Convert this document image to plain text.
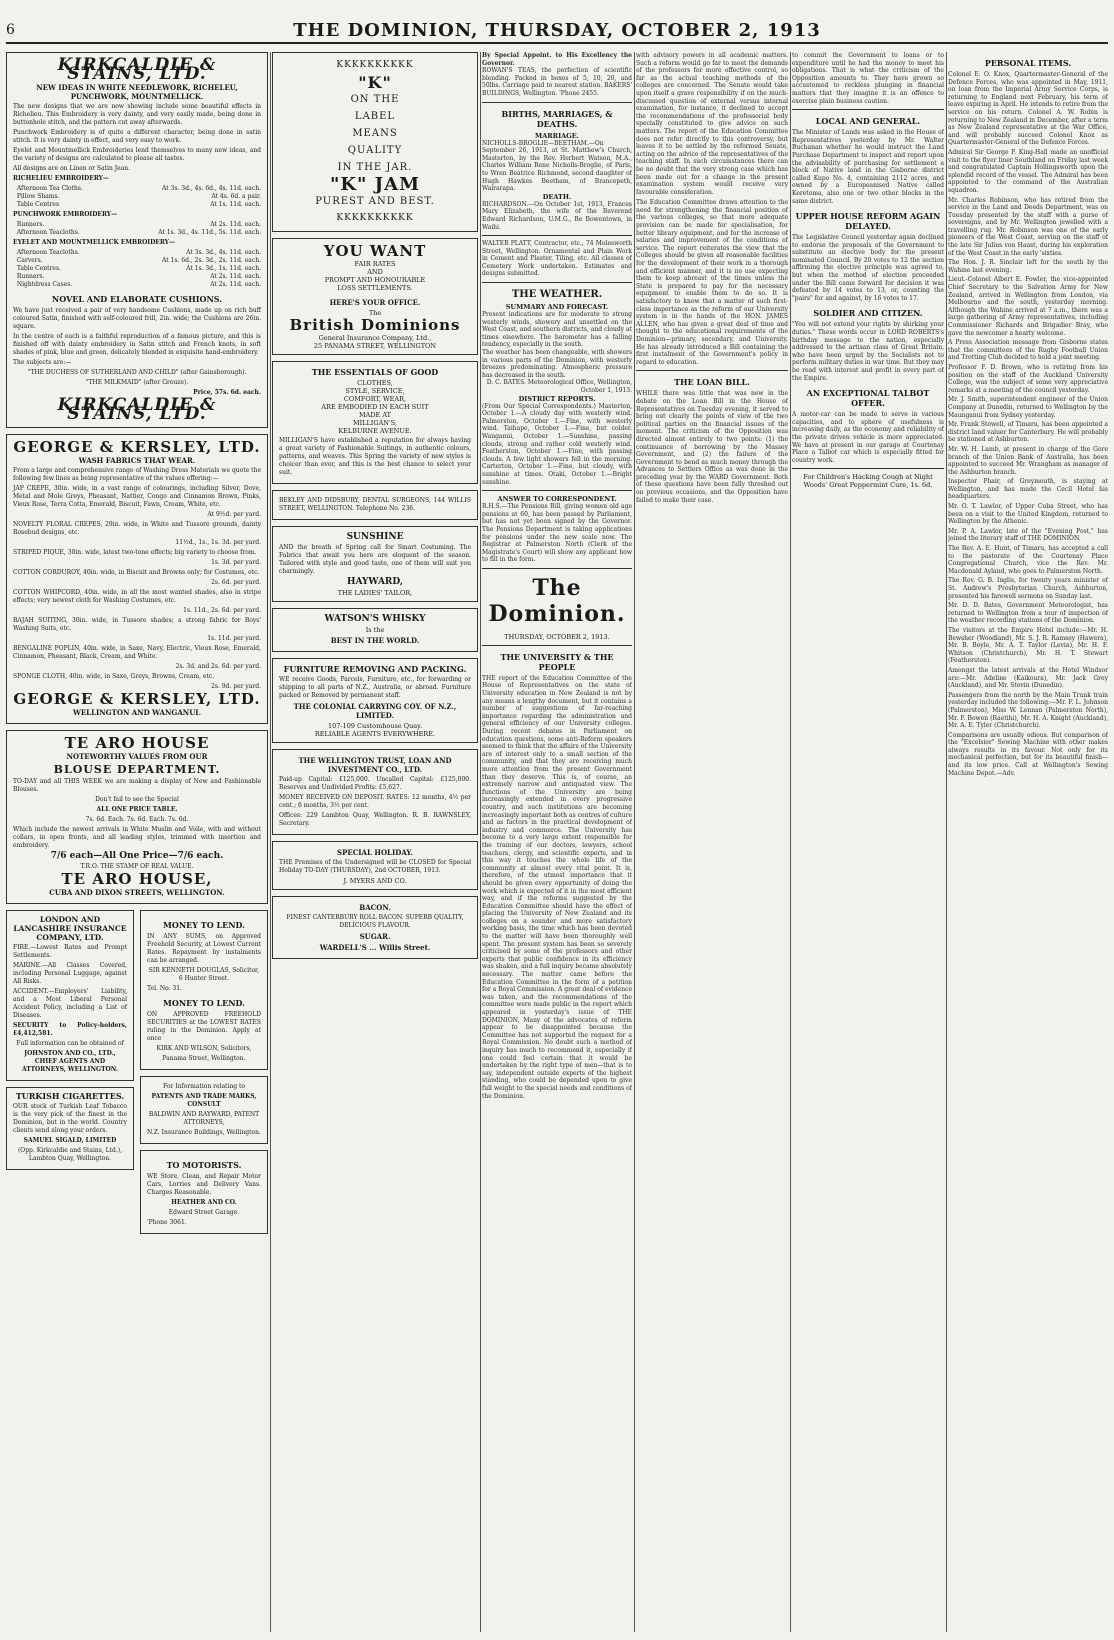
6	THE DOMINION, THURSDAY, OCTOBER 2, 1913
KIRKCALDIE & STAINS, LTD.
NEW IDEAS IN WHITE NEEDLEWORK, RICHELEU, PUNCHWORK, MOUNTMELLICK.
The new designs that we are now showing include some beautiful effects in Richelieu. This Embroidery is very dainty, and very easily made, being done in buttonhole stitch, and the pattern cut away afterwards.
Punchwork Embroidery is of quite a different character, being done in satin stitch. It is very dainty in effect, and very easy to work.
Eyelet and Mountmellick Embroideries lend themselves to many new ideas, and the variety of designs are calculated to please all tastes.
All designs are on Linen or Satin Jean.
RICHELIEU EMBROIDERY—
Afternoon Tea Cloths.	At 3s. 3d., 4s. 6d., 4s. 11d. each.
Pillow Shams.	At 4s. 6d. a pair.
Table Centres	At 1s. 11d. each.
PUNCHWORK EMBROIDERY—
Runners.	At 2s. 11d. each.
Afternoon Teacloths.	At 1s. 3d., 4s. 11d., 5s. 11d. each.
EYELET AND MOUNTMELLICK EMBROIDERY—
Afternoon Teacloths.	At 3s. 3d., 4s. 11d. each.
Carvers.	At 1s. 6d., 2s. 3d., 2s. 11d. each.
Table Centres.	At 1s. 3d., 1s. 11d. each.
Runners.	At 2s. 11d. each.
Nightdress Cases.	At 2s. 11d. each.
NOVEL AND ELABORATE CUSHIONS.
We have just received a pair of very handsome Cushions, made up on rich buff coloured Satin, finished with self-coloured frill, 2in. wide; the Cushions are 26in. square.
In the centre of each is a faithful reproduction of a famous picture, and this is finished off with dainty embroidery in Satin stitch and French knots, in soft shades of pink, blue and green, delicately blended in exquisite hand-embroidery.
The subjects are:—
"THE DUCHESS OF SUTHERLAND AND CHILD" (after Gainsborough).
"THE MILKMAID" (after Greuze).
Price, 57s. 6d. each.
KIRKCALDIE & STAINS, LTD.
GEORGE & KERSLEY, LTD.
WASH FABRICS THAT WEAR.
From a large and comprehensive range of Washing Dress Materials we quote the following few lines as being representative of the values offering:—
JAP CREPE, 30in. wide, in a vast range of colourings, including Silver, Dove, Metal and Mole Greys, Pheasant, Nattier, Congo and Cinnamon Brown, Pinks, Vieux Rose, Terra Cotta, Emerald, Biscuit, Fawn, Cream, White, etc.
At 9½d. per yard.
NOVELTY FLORAL CREPES, 29in. wide, in White and Tussore grounds, dainty Rosebud designs, etc.
11½d., 1s., 1s. 3d. per yard.
STRIPED PIQUE, 30in. wide, latest two-tone effects; big variety to choose from.
1s. 3d. per yard.
COTTON CORDUROY, 40in. wide, in Biscuit and Browns only; for Costumes, etc.
2s. 6d. per yard.
COTTON WHIPCORD, 40in. wide, in all the most wanted shades, also in stripe effects; very newest cloth for Washing Costumes, etc.
1s. 11d., 2s. 6d. per yard.
RAJAH SUITING, 30in. wide, in Tussore shades; a strong fabric for Boys' Washing Suits, etc.
1s. 11d. per yard.
BENGALINE POPLIN, 40in. wide, in Saxe, Navy, Electric, Vieux Rose, Emerald, Cinnamon, Pheasant, Black, Cream, and White.
2s. 3d. and 2s. 6d. per yard.
SPONGE CLOTH, 40in. wide, in Saxe, Greys, Browns, Cream, etc.
2s. 9d. per yard.
GEORGE & KERSLEY, LTD.
WELLINGTON AND WANGANUI.
TE ARO HOUSE
NOTEWORTHY VALUES FROM OUR
BLOUSE DEPARTMENT.
TO-DAY and all THIS WEEK we are making a display of New and Fashionable Blouses.
Don't fail to see the Special
ALL ONE PRICE TABLE.
7s. 6d. Each. 7s. 6d. Each. 7s. 6d.
Which include the newest arrivals in White Muslin and Voile, with and without collars, in open fronts, and all leading styles, trimmed with insertion and embroidery.
7/6 each—All One Price—7/6 each.
T.R.O. THE STAMP OF REAL VALUE.
TE ARO HOUSE,
CUBA AND DIXON STREETS, WELLINGTON.
LONDON AND LANCASHIRE INSURANCE COMPANY, LTD.
FIRE.—Lowest Rates and Prompt Settlements.
MARINE.—All Classes Covered, including Personal Luggage, against All Risks.
ACCIDENT.—Employers' Liability, and a Most Liberal Personal Accident Policy, including a List of Diseases.
SECURITY to Policy-holders, £4,412,581.
Full information can be obtained of
JOHNSTON AND CO., LTD., CHIEF AGENTS AND ATTORNEYS, WELLINGTON.
TURKISH CIGARETTES.
OUR stock of Turkish Leaf Tobacco is the very pick of the finest in the Dominion, but in the world. Country clients send along your orders.
SAMUEL SIGALD, LIMITED
(Opp. Kirkcaldie and Stains, Ltd.), Lambton Quay, Wellington.
MONEY TO LEND.
IN ANY SUMS, on Approved Freehold Security, at Lowest Current Rates. Repayment by instalments can be arranged.
SIR KENNETH DOUGLAS, Solicitor, 6 Hunter Street.
Tel. No. 31.
MONEY TO LEND.
ON APPROVED FREEHOLD SECURITIES at the LOWEST RATES ruling in the Dominion. Apply at once
KIRK AND WILSON, Solicitors,
Panama Street, Wellington.
For Information relating to
PATENTS AND TRADE MARKS, CONSULT
BALDWIN AND RAYWARD, PATENT ATTORNEYS,
N.Z. Insurance Buildings, Wellington.
TO MOTORISTS.
WE Store, Clean, and Repair Motor Cars, Lorries and Delivery Vans. Charges Reasonable.
HEATHER AND CO.
Edward Street Garage.
'Phone 3061.
KKKKKKKKKK
"K"
ON THE
LABEL
MEANS
QUALITY
IN THE JAR.
"K" JAM
PUREST AND BEST.
KKKKKKKKKK
YOU WANT
FAIR RATES
AND
PROMPT AND HONOURABLE
LOSS SETTLEMENTS.
HERE'S YOUR OFFICE.
The
British Dominions
General Insurance Company, Ltd.,
25 PANAMA STREET, WELLINGTON
THE ESSENTIALS OF GOOD
CLOTHES,
STYLE, SERVICE,
COMFORT, WEAR,
ARE EMBODIED IN EACH SUIT
MADE AT
MILLIGAN'S,
KELBURNE AVENUE.
MILLIGAN'S have established a reputation for always having a great variety of Fashionable Suitings, in authentic colours, patterns, and weaves. This Spring the variety of new styles is choicer than ever, and this is the best chance to select your suit.
BEKLEY AND DIDSBURY, DENTAL SURGEONS, 144 WILLIS STREET, WELLINGTON. Telephone No. 236.
SUNSHINE
AND the breath of Spring call for Smart Costuming. The Fabrics that await you here are eloquent of the season. Tailored with style and good taste, one of them will suit you charmingly.
HAYWARD,
THE LADIES' TAILOR,
WATSON'S WHISKY
Is the
BEST IN THE WORLD.
FURNITURE REMOVING AND PACKING.
WE receive Goods, Parcels, Furniture, etc., for forwarding or shipping to all parts of N.Z., Australia, or abroad. Furniture packed or Removed by permanent staff.
THE COLONIAL CARRYING COY. OF N.Z., LIMITED.
107-109 Customhouse Quay.
RELIABLE AGENTS EVERYWHERE.
THE WELLINGTON TRUST, LOAN AND INVESTMENT CO., LTD.
Paid-up Capital: £125,000. Uncalled Capital: £125,000. Reserves and Undivided Profits: £5,627.
MONEY RECEIVED ON DEPOSIT. RATES: 12 months, 4½ per cent.; 6 months, 3½ per cent.
Offices: 229 Lambton Quay, Wellington. R. B. RAWNSLEY, Secretary.
SPECIAL HOLIDAY.
THE Premises of the Undersigned will be CLOSED for Special Holiday TO-DAY (THURSDAY), 2nd OCTOBER, 1913.
J. MYERS AND CO.
BACON.
FINEST CANTERBURY ROLL BACON. SUPERB QUALITY, DELICIOUS FLAVOUR.
SUGAR.
WARDELL'S ... Willis Street.
By Special Appoint. to His Excellency the Governor.
ROWAN'S TEAS, the perfection of scientific blending. Packed in boxes of 5, 10, 20, and 50lbs. Carriage paid to nearest station. BAKERS' BUILDINGS, Wellington. 'Phone 2455.
BIRTHS, MARRIAGES, & DEATHS.
MARRIAGE.
NICHOLLS-BROGLIE—BEETHAM.—On September 26, 1913, at St. Matthew's Church, Masterton, by the Rev. Herbert Watson, M.A., Charles William Rene Nicholls-Broglie, of Paris, to Wren Beatrice Richmond, second daughter of Hugh Hawkes Beetham, of Brancepeth, Wairarapa.
DEATH.
RICHARDSON.—On October 1st, 1913, Frances Mary Elizabeth, the wife of the Reverend Edward Richardson, U.M.G., Be Bowentown, in Waihi.
WALTER PLATT, Contractor, etc., 74 Molesworth Street, Wellington. Ornamental and Plain Work in Cement and Plaster, Tiling, etc. All classes of Cemetery Work undertaken. Estimates and designs submitted.
THE WEATHER.
SUMMARY AND FORECAST.
Present indications are for moderate to strong westerly winds, showery and unsettled on the West Coast, and southern districts, and cloudy at times elsewhere. The barometer has a falling tendency, especially in the south.
The weather has been changeable, with showers in various parts of the Dominion, with westerly breezes predominating. Atmospheric pressure has decreased in the south.
D. C. BATES. Meteorological Office, Wellington, October 1, 1913.
DISTRICT REPORTS.
(From Our Special Correspondents.) Masterton, October 1.—A cloudy day with westerly wind. Palmerston, October 1.—Fine, with westerly wind. Taihape, October 1.—Fine, but colder. Wanganui, October 1.—Sunshine, passing clouds, strong and rather cold westerly wind. Featherston, October 1.—Fine, with passing clouds. A few light showers fell in the morning. Carterton, October 1.—Fine, but cloudy, with sunshine at times. Otaki, October 1.—Bright sunshine.
ANSWER TO CORRESPONDENT.
R.H.S.—The Pensions Bill, giving women old age pensions at 60, has been passed by Parliament, but has not yet been signed by the Governor. The Pensions Department is taking applications for pensions under the new scale now. The Registrar at Palmerston North (Clerk of the Magistrate's Court) will show any applicant how to fill in the form.
The Dominion.
THURSDAY, OCTOBER 2, 1913.
THE UNIVERSITY & THE PEOPLE
THE report of the Education Committee of the House of Representatives on the state of University education in New Zealand is not by any means a lengthy document, but it contains a number of suggestions of far-reaching importance regarding the administration and general efficiency of our University colleges. During recent debates in Parliament on education questions, some anti-Reform speakers seemed to think that the affairs of the University are of interest only to a small section of the community, and that they are receiving much more attention from the present Government than they deserve. This is, of course, an extremely narrow and antiquated view. The functions of the University are being increasingly extended in every progressive country, and such institutions are becoming increasingly important both as centres of culture and as factors in the practical development of industry and commerce. The University has become to a very large extent responsible for the training of our doctors, lawyers, school teachers, clergy, and scientific experts, and in this way it touches the whole life of the community at almost every vital point. It is, therefore, of the utmost importance that it should be given every opportunity of doing the work which is expected of it in the most efficient way, and if the reforms suggested by the Education Committee should have the effect of placing the University of New Zealand and its colleges on a sounder and more satisfactory working basis, the time which has been devoted to the matter will have been thoroughly well spent. The present system has been so severely criticised by some of the professors and other experts that public confidence in its efficiency was shaken, and a full inquiry became absolutely necessary. The matter came before the Education Committee in the form of a petition for a Royal Commission. A great deal of evidence was taken, and the recommendations of the committee were made public in the report which appeared in yesterday's issue of THE DOMINION. Many of the advocates of reform appear to be disappointed because the Committee has not supported the request for a Royal Commission. No doubt such a method of inquiry has much to recommend it, especially if one could feel certain that it would be undertaken by the right type of men—that is to say, independent outside experts of the highest standing, who could be depended upon to give full weight to the special needs and conditions of the Dominion.
with advisory powers in all academic matters. Such a reform would go far to meet the demands of the professors for more effective control, so far as the actual teaching methods of the colleges are concerned. The Senate would take upon itself a grave responsibility if on the much-discussed question of external versus internal examination, for instance, it declined to accept the recommendations of the professorial body specially constituted to give advice on such matters. The report of the Education Committee does not refer directly to this controversy, but leaves it to be settled by the reformed Senate, acting on the advice of the representatives of the teaching staff. In such circumstances there can be no doubt that the very strong case which has been made out for a change in the present examination system would receive very favourable consideration.
The Education Committee draws attention to the need for strengthening the financial position of the various colleges, so that more adequate provision can be made for specialisation, for better library equipment, and for the increase of salaries and improvement of the conditions of service. The report reiterates the view that the Colleges should be given all reasonable facilities for the development of their work in a thorough and efficient manner, and it is no use expecting them to keep abreast of the times unless the State is prepared to pay for the necessary equipment to enable them to do so. It is satisfactory to know that a matter of such first-class importance as the reform of our University system is in the hands of the HON. JAMES ALLEN, who has given a great deal of time and thought to the educational requirements of the Dominion—primary, secondary, and University. He has already introduced a Bill containing the first instalment of the Government's policy in regard to education.
THE LOAN BILL.
WHILE there was little that was new in the debate on the Loan Bill in the House of Representatives on Tuesday evening, it served to bring out clearly the points of view of the two political parties on the financial issues of the moment. The criticism of the Opposition was directed almost entirely to two points: (1) the continuance of borrowing by the Massey Government, and (2) the failure of the Government to bend as much money through the Advances to Settlers Office as was done in the preceding year by the WARD Government. Both of these questions have been fully threshed out on previous occasions, and the Opposition have failed to make their case.
to commit the Government to loans or to expenditure until he had the money to meet his obligations. That is what the criticism of the Opposition amounts to. They have grown so accustomed to reckless plunging in financial matters that they imagine it is an offence to exercise plain business caution.
LOCAL AND GENERAL.
The Minister of Lands was asked in the House of Representatives yesterday by Mr. Walter Buchanan whether he would instruct the Land Purchase Department to inspect and report upon the advisability of purchasing for settlement a block of Native land in the Gisborne district called Kupo No. 4, containing 2112 acres, and owned by a Europeanised Native called Keretoma, also one or two other blocks in the same district.
UPPER HOUSE REFORM AGAIN DELAYED.
The Legislative Council yesterday again declined to endorse the proposals of the Government to substitute an elective body for the present nominated Council. By 20 votes to 12 the section affirming the elective principle was agreed to, but when the method of election proceeded under the Bill came forward for decision it was defeated by 14 votes to 13, or, counting the "pairs" for and against, by 16 votes to 17.
SOLDIER AND CITIZEN.
"You will not extend your rights by shirking your duties." These words occur in LORD ROBERTS's birthday message to the nation, especially addressed to the artisan class of Great Britain, who have been urged by the Socialists not to perform military duties in war time. But they may be read with interest and profit in every part of the Empire.
AN EXCEPTIONAL TALBOT OFFER.
A motor-car can be made to serve in various capacities, and to sphere of usefulness is increasing daily, as the economy and reliability of the private driven vehicle is more appreciated. We have at present in our garage at Courtenay Place a Talbot car which is especially fitted for country work.
For Children's Hacking Cough at Night Woods' Great Peppermint Cure, 1s. 6d.
PERSONAL ITEMS.
Colonel E. O. Knox, Quartermaster-General of the Defence Forces, who was appointed in May, 1911, on loan from the Imperial Army Service Corps, is returning to England next February, his term of leave expiring in April. He intends to retire from the service on his return. Colonel A. W. Robin is returning to New Zealand in December, after a term as New Zealand representative at the War Office, and will probably succeed Colonel Knox as Quartermaster-General of the Defence Forces.
Admiral Sir George F. King-Hall made an unofficial visit to the flyer liner Southland on Friday last week and congratulated Captain Hollingsworth upon the splendid record of the vessel. The Admiral has been appointed to the command of the Australian squadron.
Mr. Charles Robinson, who has retired from the service in the Land and Deeds Department, was on Tuesday presented by the staff with a purse of sovereigns, and by Mr. Wellington jewelled with a travelling rug. Mr. Robinson was one of the early pioneers of the West Coast, serving on the staff of the late Sir Julius von Haast, during his exploration of the West Coast in the early 'sixties.
The Hon. J. R. Sinclair left for the south by the Wahine last evening.
Lieut.-Colonel Albert E. Fowler, the vice-appointed Chief Secretary to the Salvation Army for New Zealand, arrived in Wellington from London, via Melbourne and the south, yesterday morning. Although the Wahine arrived at 7 a.m., there was a large gathering of Army representatives, including Commissioner Richards and Brigadier Bray, who gave the newcomer a hearty welcome.
A Press Association message from Gisborne states that the committees of the Rugby Football Union and Trotting Club decided to hold a joint meeting.
Professor F. D. Brown, who is retiring from his position on the staff of the Auckland University College, was the subject of some very appreciative remarks at a meeting of the council yesterday.
Mr. J. Smith, superintendent engineer of the Union Company at Dunedin, returned to Wellington by the Maunganui from Sydney yesterday.
Mr. Frank Stowell, of Timaru, has been appointed a district land valuer for Canterbury. He will probably be stationed at Ashburton.
Mr. W. H. Lamb, at present in charge of the Gore branch of the Union Bank of Australia, has been appointed to succeed Mr. Wrangham as manager of the Ashburton branch.
Inspector Phair, of Greymouth, is staying at Wellington, and has made the Cecil Hotel his headquarters.
Mr. O. T. Lawlor, of Upper Cuba Street, who has been on a visit to the United Kingdom, returned to Wellington by the Athenic.
Mr. P. A. Lawlor, late of the "Evening Post," has joined the literary staff of THE DOMINION.
The Rev. A. E. Hunt, of Timaru, has accepted a call to the pastorate of the Courtenay Place Congregational Church, vice the Rev. Mr. Macdonald Ayland, who goes to Palmerston North.
The Rev. G. B. Inglis, for twenty years minister of St. Andrew's Presbyterian Church, Ashburton, presented his farewell sermons on Sunday last.
Mr. D. D. Bates, Government Meteorologist, has returned to Wellington from a tour of inspection of the weather recording stations of the Dominion.
The visitors at the Empire Hotel include:—Mr. H. Bewsher (Woodland), Mr. S. J. R. Ramsey (Hawera), Mr. B. Boyle, Mr. A. T. Taylor (Levin), Mr. H. F. Whitson (Christchurch), Mr. H. T. Stewart (Featherston).
Amongst the latest arrivals at the Hotel Windsor are:—Mr. Adeline (Kaikoura), Mr. Jack Grey (Auckland), and Mr. Stovin (Dunedin).
Passengers from the north by the Main Trunk train yesterday included the following:—Mr. F. L. Johnson (Palmerston), Miss W. Lennan (Palmerston North), Mr. F. Bowen (Raetihi), Mr. H. A. Knight (Auckland), Mr. A. E. Tyler (Christchurch).
Comparisons are usually odious. But comparison of the "Excelsior" Sewing Machine with other makes always results in its favour. Not only for its mechanical perfection, but for its beautiful finish—and its low price. Call at Wellington's Sewing Machine Depot.—Adv.
